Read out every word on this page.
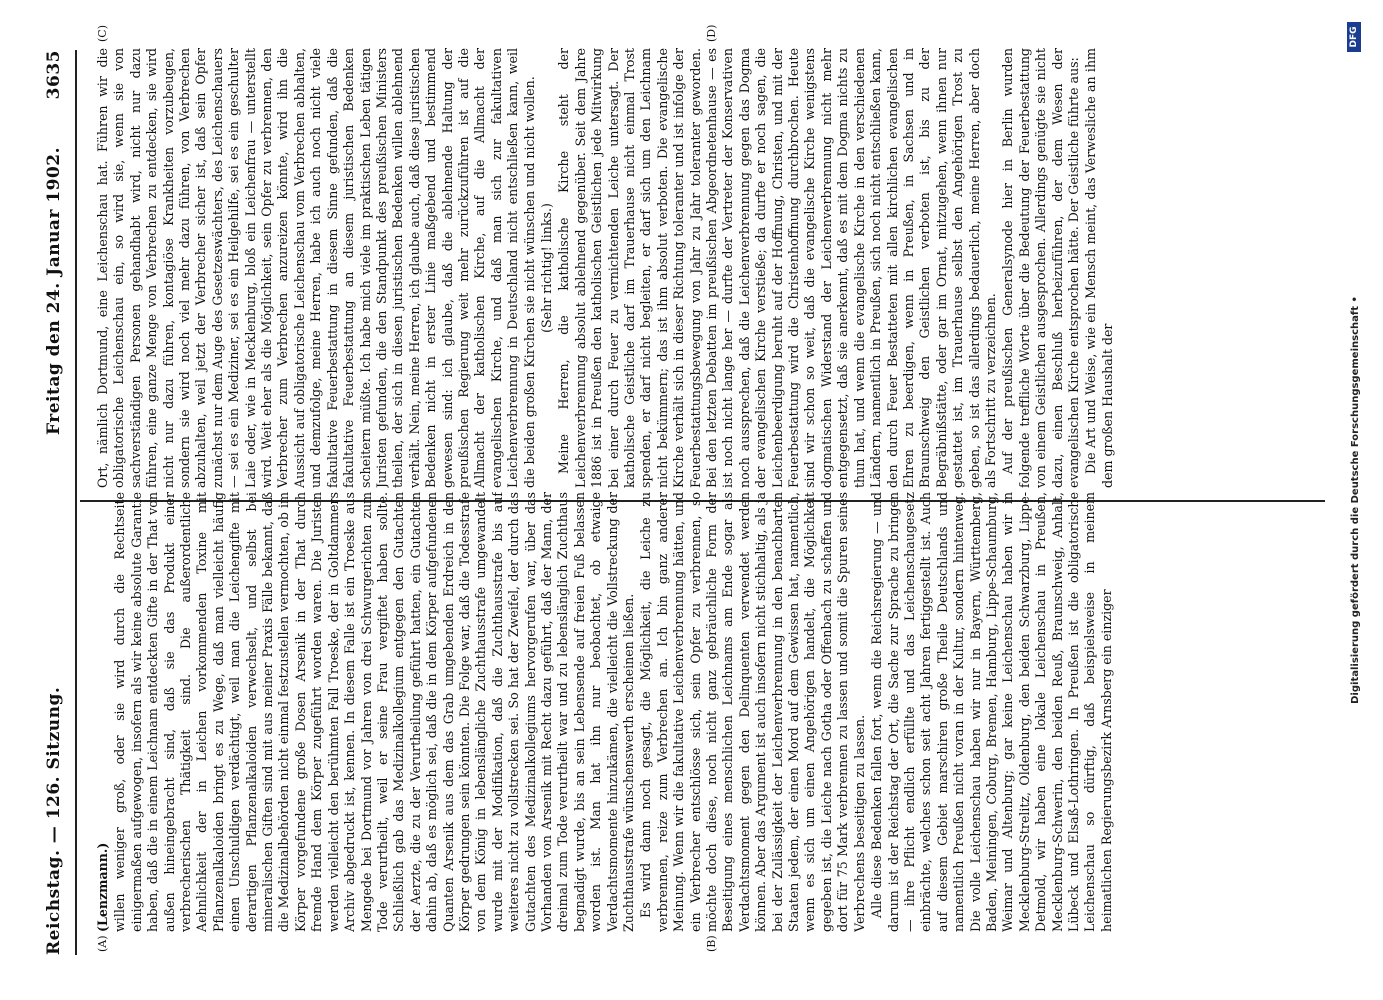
Reichstag. — 126. Sitzung.
Freitag den 24. Januar 1902.
3635
(A)	(B)
(C)	(D)

(Lenzmann.) willen weniger groß, oder sie wird durch die Rechtseite einigermaßen aufgewogen, insofern als wir keine absolute Garantie haben, daß die in einem Leichnam entdeckten Gifte in der That von außen hineingebracht sind, daß sie das Produkt einer verbrecherischen Thätigkeit sind. Die außerordentliche Aehnlichkeit der in Leichen vorkommenden Toxine mit Pflanzenalkaloiden bringt es zu Wege, daß man vielleicht häufig einen Unschuldigen verdächtigt, weil man die Leichengifte mit derartigen Pflanzenalkaloiden verwechselt, und selbst bei mineralischen Giften sind mit aus meiner Praxis Fälle bekannt, daß die Medizinalbehörden nicht einmal festzustellen vermochten, ob im Körper vorgefundene große Dosen Arsenik in der That durch fremde Hand dem Körper zugeführt worden waren. Die Juristen werden vielleicht den berühmten Fall Troeske, der in Goltdammers Archiv abgedruckt ist, kennen. In diesem Falle ist ein Troeske aus Mengede bei Dortmund vor Jahren von drei Schwurgerichten zum Tode verurtheilt, weil er seine Frau vergiftet haben sollte. Schließlich gab das Medizinalkollegium entgegen den Gutachten der Aerzte, die zu der Verurtheilung geführt hatten, ein Gutachten dahin ab, daß es möglich sei, daß die in dem Körper aufgefundenen Quanten Arsenik aus dem das Grab umgebenden Erdreich in den Körper gedrungen sein könnten. Die Folge war, daß die Todesstrafe von dem König in lebenslängliche Zuchthausstrafe umgewandelt wurde mit der Modifikation, daß die Zuchthausstrafe bis auf weiteres nicht zu vollstrecken sei. So hat der Zweifel, der durch das Gutachten des Medizinalkollegiums hervorgerufen war, über das Vorhanden von Arsenik mit Recht dazu geführt, daß der Mann, der dreimal zum Tode verurtheilt war und zu lebenslänglich Zuchthaus begnadigt wurde, bis an sein Lebensende auf freien Fuß belassen worden ist. Man hat ihn nur beobachtet, ob etwaige Verdachtsmomente hinzukämen, die vielleicht die Vollstreckung der Zuchthausstrafe wünschenswerth erscheinen ließen. Es wird dann noch gesagt, die Möglichkeit, die Leiche zu verbrennen, reize zum Verbrechen an. Ich bin ganz anderer Meinung. Wenn wir die fakultative Leichenverbrennung hätten, und ein Verbrecher entschlösse sich, sein Opfer zu verbrennen, so möchte doch diese, noch nicht ganz gebräuchliche Form der Beseitigung eines menschlichen Leichnams am Ende sogar als Verdachtsmoment gegen den Delinquenten verwendet werden können. Aber das Argument ist auch insofern nicht stichhaltig, als ja bei der Zulässigkeit der Leichenverbrennung in den benachbarten Staaten jedem, der einen Mord auf dem Gewissen hat, namentlich, wenn es sich um einen Angehörigen handelt, die Möglichkeit gegeben ist, die Leiche nach Gotha oder Offenbach zu schaffen und dort für 75 Mark verbrennen zu lassen und somit die Spuren seines Verbrechens beseitigen zu lassen. Alle diese Bedenken fallen fort, wenn die Reichsregierung — und darum ist der Reichstag der Ort, die Sache zur Sprache zu bringen — ihre Pflicht endlich erfüllte und das Leichenschaugesetz einbrächte, welches schon seit acht Jahren fertiggestellt ist. Auch auf diesem Gebiet marschiren große Theile Deutschlands und namentlich Preußen nicht voran in der Kultur, sondern hintenweg. Die volle Leichenschau haben wir nur in Bayern, Württemberg, Baden, Meiningen, Coburg, Bremen, Hamburg, Lippe-Schaumburg, Weimar und Altenburg; gar keine Leichenschau haben wir in Mecklenburg-Strelitz, Oldenburg, den beiden Schwarzburg, Lippe-Detmold, wir haben eine lokale Leichenschau in Preußen, Mecklenburg-Schwerin, den beiden Reuß, Braunschweig, Anhalt, Lübeck und Elsaß-Lothringen. In Preußen ist die obligatorische Leichenschau so dürftig, daß beispielsweise in meinem heimatlichen Regierungsbezirk Arnsberg ein einziger

Ort, nämlich Dortmund, eine Leichenschau hat. Führen wir die obligatorische Leichenschau ein, so wird sie, wenn sie von sachverständigen Personen gehandhabt wird, nicht nur dazu führen, eine ganze Menge von Verbrechen zu entdecken, sie wird nicht nur dazu führen, kontagiöse Krankheiten vorzubeugen, sondern sie wird noch viel mehr dazu führen, von Verbrechen abzuhalten, weil jetzt der Verbrecher sicher ist, daß sein Opfer zunächst nur dem Auge des Gesetzeswächters, des Leichenschauers — sei es ein Mediziner, sei es ein Heilgehilfe, sei es ein geschulter Laie oder, wie in Mecklenburg, bloß ein Leichenfrau — unterstellt wird. Weit eher als die Möglichkeit, sein Opfer zu verbrennen, den Verbrecher zum Verbrechen anzureizen könnte, wird ihn die Aussicht auf obligatorische Leichenschau vom Verbrechen abhalten, und demzufolge, meine Herren, habe ich auch noch nicht viele fakultative Feuerbestattung in diesem Sinne gefunden, daß die fakultative Feuerbestattung an diesem juristischen Bedenken scheitern müßte. Ich habe mich viele im praktischen Leben tätigen Juristen gefunden, die den Standpunkt des preußischen Ministers theilen, der sich in diesen juristischen Bedenken willen ablehnend verhält. Nein, meine Herren, ich glaube auch, daß diese juristischen Bedenken nicht in erster Linie maßgebend und bestimmend gewesen sind: ich glaube, daß die ablehnende Haltung der preußischen Regierung weit mehr zurückzuführen ist auf die Allmacht der katholischen Kirche, auf die Allmacht der evangelischen Kirche, und daß man sich zur fakultativen Leichenverbrennung in Deutschland nicht entschließen kann, weil die beiden großen Kirchen sie nicht wünschen und nicht wollen. (Sehr richtig! links.) Meine Herren, die katholische Kirche steht der Leichenverbrennung absolut ablehnend gegenüber. Seit dem Jahre 1886 ist in Preußen den katholischen Geistlichen jede Mitwirkung bei einer durch Feuer zu vernichtenden Leiche untersagt. Der katholische Geistliche darf im Trauerhause nicht einmal Trost spenden, er darf nicht begleiten, er darf sich um den Leichnam nicht bekümmern; das ist ihm absolut verboten. Die evangelische Kirche verhält sich in dieser Richtung toleranter und ist infolge der Feuerbestattungsbewegung von Jahr zu Jahr toleranter geworden. Bei den letzten Debatten im preußischen Abgeordnetenhause — es ist noch nicht lange her — durfte der Vertreter der Konservativen noch aussprechen, daß die Leichenverbrennung gegen das Dogma der evangelischen Kirche verstieße; da durfte er noch sagen, die Leichenbeerdigung beruht auf der Hoffnung, Christen, und mit der Feuerbestattung wird die Christenhoffnung durchbrochen. Heute sind wir schon so weit, daß die evangelische Kirche wenigstens dogmatischen Widerstand der Leichenverbrennung nicht mehr entgegensetzt, daß sie anerkennt, daß es mit dem Dogma nichts zu thun hat, und wenn die evangelische Kirche in den verschiedenen Ländern, namentlich in Preußen, sich noch nicht entschließen kann, den durch Feuer Bestatteten mit allen kirchlichen evangelischen Ehren zu beerdigen, wenn in Preußen, in Sachsen und in Braunschweig den Geistlichen verboten ist, bis zu der Begräbnißstätte, oder gar im Ornat, mitzugehen, wenn ihnen nur gestattet ist, im Trauerhause selbst den Angehörigen Trost zu geben, so ist das allerdings bedauerlich, meine Herren, aber doch als Fortschritt zu verzeichnen. Auf der preußischen Generalsynode hier in Berlin wurden folgende treffliche Worte über die Bedeutung der Feuerbestattung von einem Geistlichen ausgesprochen. Allerdings genügte sie nicht dazu, einen Beschluß herbeizuführen, der dem Wesen der evangelischen Kirche entsprochen hätte. Der Geistliche führte aus: Die Art und Weise, wie ein Mensch meint, das Verwesliche an ihm dem großen Haushalt der	Digitalisierung gefördert durch die Deutsche Forschungsgemeinschaft •
DFG
